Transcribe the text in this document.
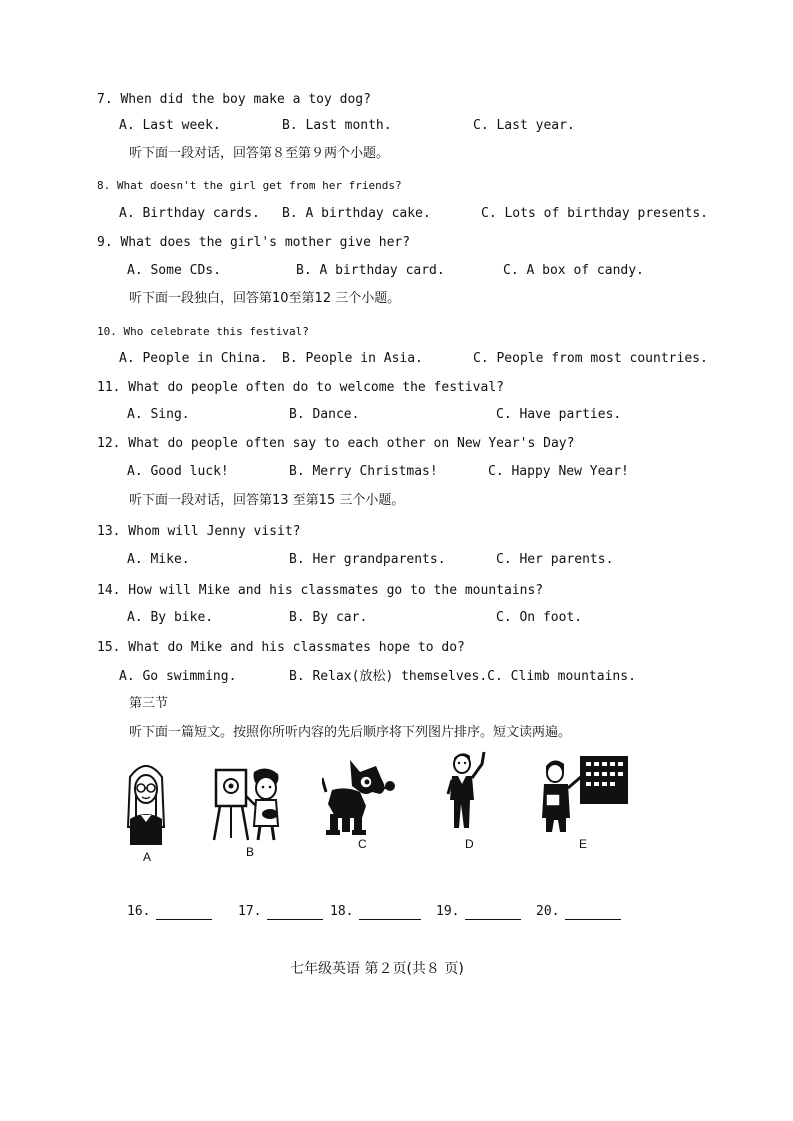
7. When did the boy make a toy dog?
A. Last week.	B. Last month.	C. Last year.
听下面一段对话，回答第８至第９两个小题。
8. What doesn't the girl get from her friends?
A. Birthday cards. B. A birthday cake.	C. Lots of birthday presents.
9. What does the girl's mother give her?
A. Some CDs.	B. A birthday card.	C. A box of candy.
听下面一段独白，回答第10至第12 三个小题。
10. Who celebrate this festival?
A. People in China. B. People in Asia.	C. People from most countries.
11. What do people often do to welcome the festival?
A. Sing.	B. Dance.	C. Have parties.
12. What do people often say to each other on New Year's Day?
A. Good luck!	B. Merry Christmas!	C. Happy New Year!
听下面一段对话，回答第13 至第15 三个小题。
13. Whom will Jenny visit?
A. Mike.	B. Her grandparents.	C. Her parents.
14. How will Mike and his classmates go to the mountains?
A. By bike.	B. By car.	C. On foot.
15. What do Mike and his classmates hope to do?
A. Go swimming.	B. Relax(放松) themselves.C. Climb mountains.
第三节
听下面一篇短文。按照你所听内容的先后顺序将下列图片排序。短文读两遍。
A	B
C	D	E
16.	17.	18.	19.	20.
七年级英语 第２页(共８ 页)
